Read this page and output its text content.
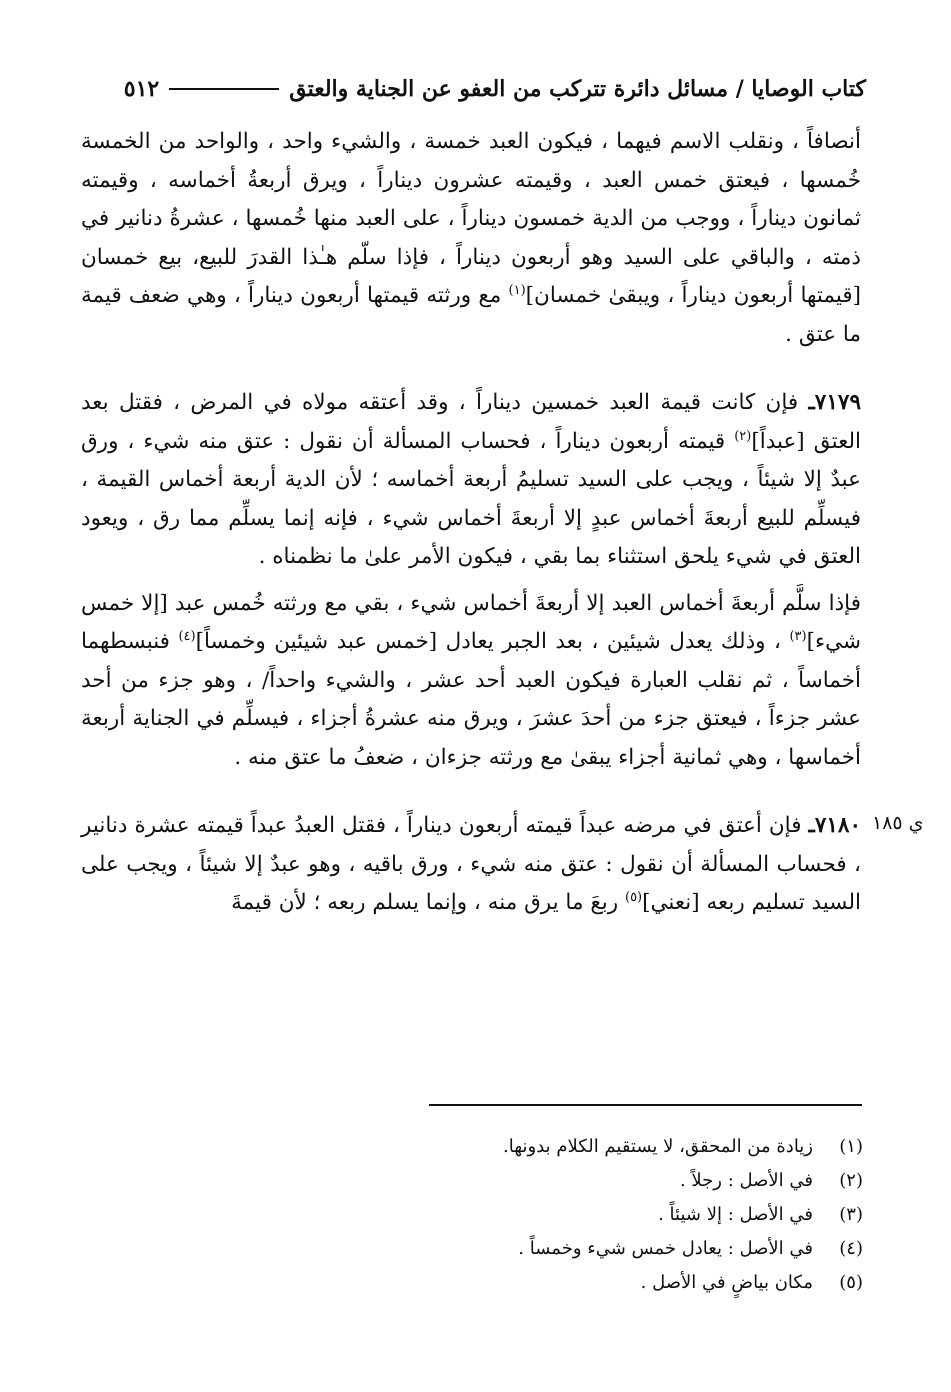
كتاب الوصايا / مسائل دائرة تتركب من العفو عن الجناية والعتق
٥١٢

أنصافاً ، ونقلب الاسم فيهما ، فيكون العبد خمسة ، والشيء واحد ، والواحد من الخمسة خُمسها ، فيعتق خمس العبد ، وقيمته عشرون ديناراً ، ويرق أربعةُ أخماسه ، وقيمته ثمانون ديناراً ، ووجب من الدية خمسون ديناراً ، على العبد منها خُمسها ، عشرةُ دنانير في ذمته ، والباقي على السيد وهو أربعون ديناراً ، فإذا سلّم هـٰذا القدرَ للبيع، بيع خمسان [قيمتها أربعون ديناراً ، ويبقىٰ خمسان]$^{(١)}$ مع ورثته قيمتها أربعون ديناراً ، وهي ضعف قيمة ما عتق .

٧١٧٩ـ فإن كانت قيمة العبد خمسين ديناراً ، وقد أعتقه مولاه في المرض ، فقتل بعد العتق [عبداً]$^{(٢)}$ قيمته أربعون ديناراً ، فحساب المسألة أن نقول : عتق منه شيء ، ورق عبدٌ إلا شيئاً ، ويجب على السيد تسليمُ أربعة أخماسه ؛ لأن الدية أربعة أخماس القيمة ، فيسلِّم للبيع أربعةَ أخماس عبدٍ إلا أربعةَ أخماس شيء ، فإنه إنما يسلِّم مما رق ، ويعود العتق في شيء يلحق استثناء بما بقي ، فيكون الأمر علىٰ ما نظمناه .

فإذا سلَّم أربعةَ أخماس العبد إلا أربعةَ أخماس شيء ، بقي مع ورثته خُمس عبد [إلا خمس شيء]$^{(٣)}$ ، وذلك يعدل شيئين ، بعد الجبر يعادل [خمس عبد شيئين وخمساً]$^{(٤)}$ فنبسطهما أخماساً ، ثم نقلب العبارة فيكون العبد أحد عشر ، والشيء واحداً/ ، وهو جزء من أحد عشر جزءاً ، فيعتق جزء من أحدَ عشرَ ، ويرق منه عشرةُ أجزاء ، فيسلِّم في الجناية أربعة أخماسها ، وهي ثمانية أجزاء يبقىٰ مع ورثته جزءان ، ضعفُ ما عتق منه .

٧١٨٠ـ فإن أعتق في مرضه عبداً قيمته أربعون ديناراً ، فقتل العبدُ عبداً قيمته عشرة دنانير ، فحساب المسألة أن نقول : عتق منه شيء ، ورق باقيه ، وهو عبدٌ إلا شيئاً ، ويجب على السيد تسليم ربعه [نعني]$^{(٥)}$ ربعَ ما يرق منه ، وإنما يسلم ربعه ؛ لأن قيمةَ

ي ١٨٥
(١)
زيادة من المحقق، لا يستقيم الكلام بدونها.
(٢)
في الأصل : رجلاً .
(٣)
في الأصل : إلا شيئاً .
(٤)
في الأصل : يعادل خمس شيء وخمساً .
(٥)
مكان بياضٍ في الأصل .
